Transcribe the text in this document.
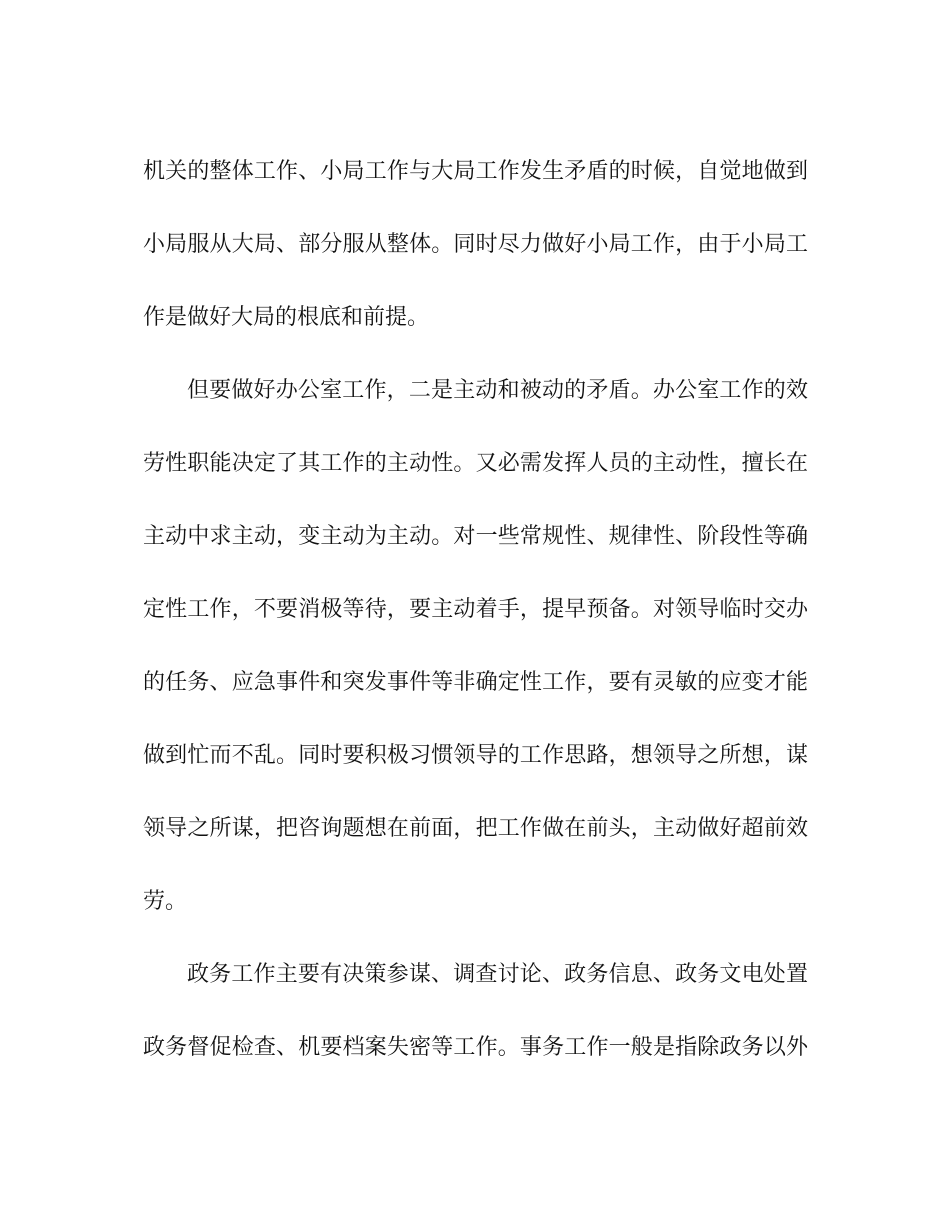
机关的整体工作、小局工作与大局工作发生矛盾的时候，自觉地做到
小局服从大局、部分服从整体。同时尽力做好小局工作，由于小局工
作是做好大局的根底和前提。
但要做好办公室工作，二是主动和被动的矛盾。办公室工作的效
劳性职能决定了其工作的主动性。又必需发挥人员的主动性，擅长在
主动中求主动，变主动为主动。对一些常规性、规律性、阶段性等确
定性工作，不要消极等待，要主动着手，提早预备。对领导临时交办
的任务、应急事件和突发事件等非确定性工作，要有灵敏的应变才能
做到忙而不乱。同时要积极习惯领导的工作思路，想领导之所想，谋
领导之所谋，把咨询题想在前面，把工作做在前头，主动做好超前效
劳。
政务工作主要有决策参谋、调查讨论、政务信息、政务文电处置
政务督促检查、机要档案失密等工作。事务工作一般是指除政务以外
